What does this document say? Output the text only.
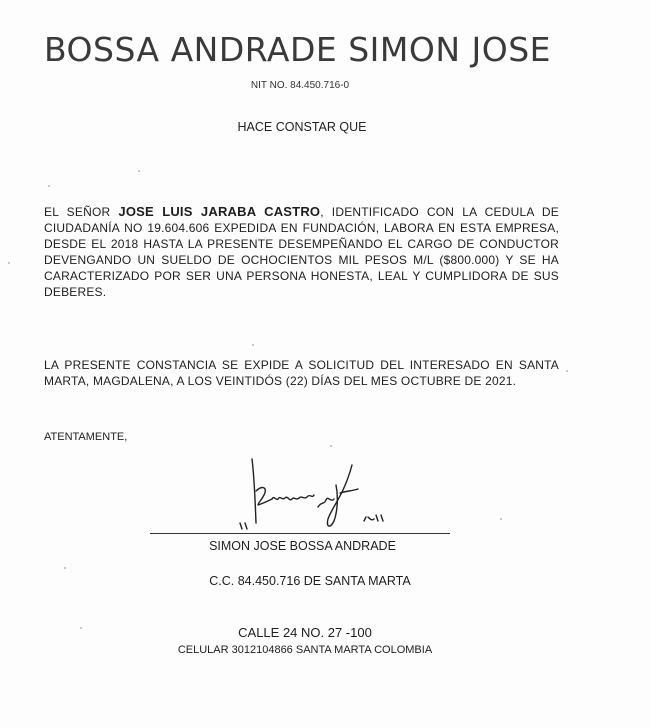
BOSSA ANDRADE SIMON JOSE
NIT NO. 84.450.716-0
HACE CONSTAR QUE
EL SEÑOR JOSE LUIS JARABA CASTRO, IDENTIFICADO CON LA CEDULA DE CIUDADANÍA NO 19.604.606 EXPEDIDA EN FUNDACIÓN, LABORA EN ESTA EMPRESA, DESDE EL 2018 HASTA LA PRESENTE DESEMPEÑANDO EL CARGO DE CONDUCTOR DEVENGANDO UN SUELDO DE OCHOCIENTOS MIL PESOS M/L ($800.000) Y SE HA CARACTERIZADO POR SER UNA PERSONA HONESTA, LEAL Y CUMPLIDORA DE SUS DEBERES.
LA PRESENTE CONSTANCIA SE EXPIDE A SOLICITUD DEL INTERESADO EN SANTA MARTA, MAGDALENA, A LOS VEINTIDÓS (22) DÍAS DEL MES OCTUBRE DE 2021.
ATENTAMENTE,
SIMON JOSE BOSSA ANDRADE
C.C. 84.450.716 DE SANTA MARTA
CALLE 24 NO. 27 -100
CELULAR 3012104866 SANTA MARTA COLOMBIA
